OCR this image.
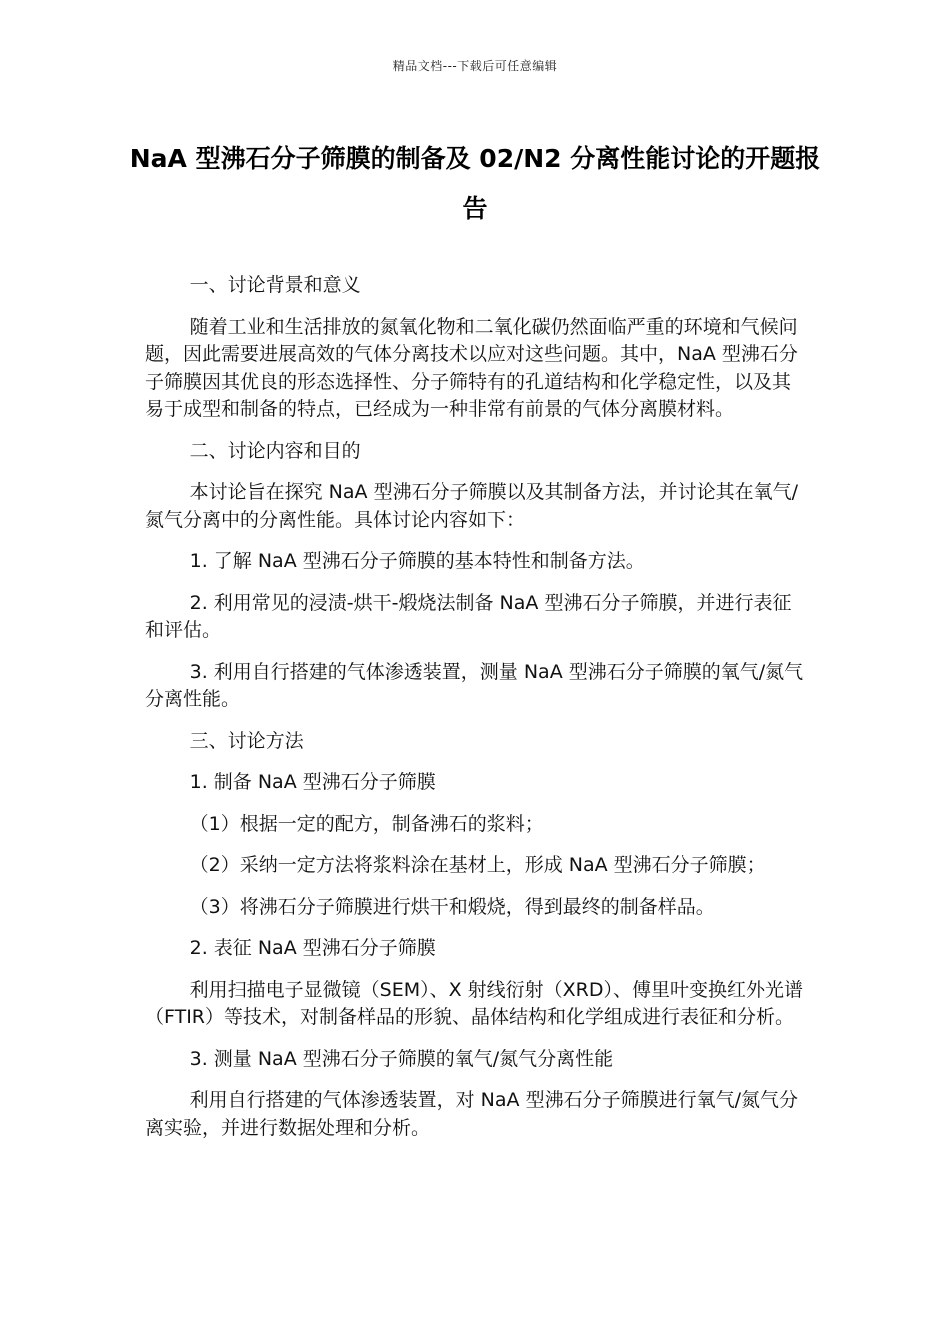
精品文档---下载后可任意编辑
NaA 型沸石分子筛膜的制备及 02/N2 分离性能讨论的开题报告

一、讨论背景和意义

随着工业和生活排放的氮氧化物和二氧化碳仍然面临严重的环境和气候问题，因此需要进展高效的气体分离技术以应对这些问题。其中，NaA 型沸石分子筛膜因其优良的形态选择性、分子筛特有的孔道结构和化学稳定性，以及其易于成型和制备的特点，已经成为一种非常有前景的气体分离膜材料。

二、讨论内容和目的

本讨论旨在探究 NaA 型沸石分子筛膜以及其制备方法，并讨论其在氧气/氮气分离中的分离性能。具体讨论内容如下：

1. 了解 NaA 型沸石分子筛膜的基本特性和制备方法。

2. 利用常见的浸渍-烘干-煅烧法制备 NaA 型沸石分子筛膜，并进行表征和评估。

3. 利用自行搭建的气体渗透装置，测量 NaA 型沸石分子筛膜的氧气/氮气分离性能。

三、讨论方法

1. 制备 NaA 型沸石分子筛膜

（1）根据一定的配方，制备沸石的浆料；

（2）采纳一定方法将浆料涂在基材上，形成 NaA 型沸石分子筛膜；

（3）将沸石分子筛膜进行烘干和煅烧，得到最终的制备样品。

2. 表征 NaA 型沸石分子筛膜

利用扫描电子显微镜（SEM）、X 射线衍射（XRD）、傅里叶变换红外光谱（FTIR）等技术，对制备样品的形貌、晶体结构和化学组成进行表征和分析。

3. 测量 NaA 型沸石分子筛膜的氧气/氮气分离性能

利用自行搭建的气体渗透装置，对 NaA 型沸石分子筛膜进行氧气/氮气分离实验，并进行数据处理和分析。
